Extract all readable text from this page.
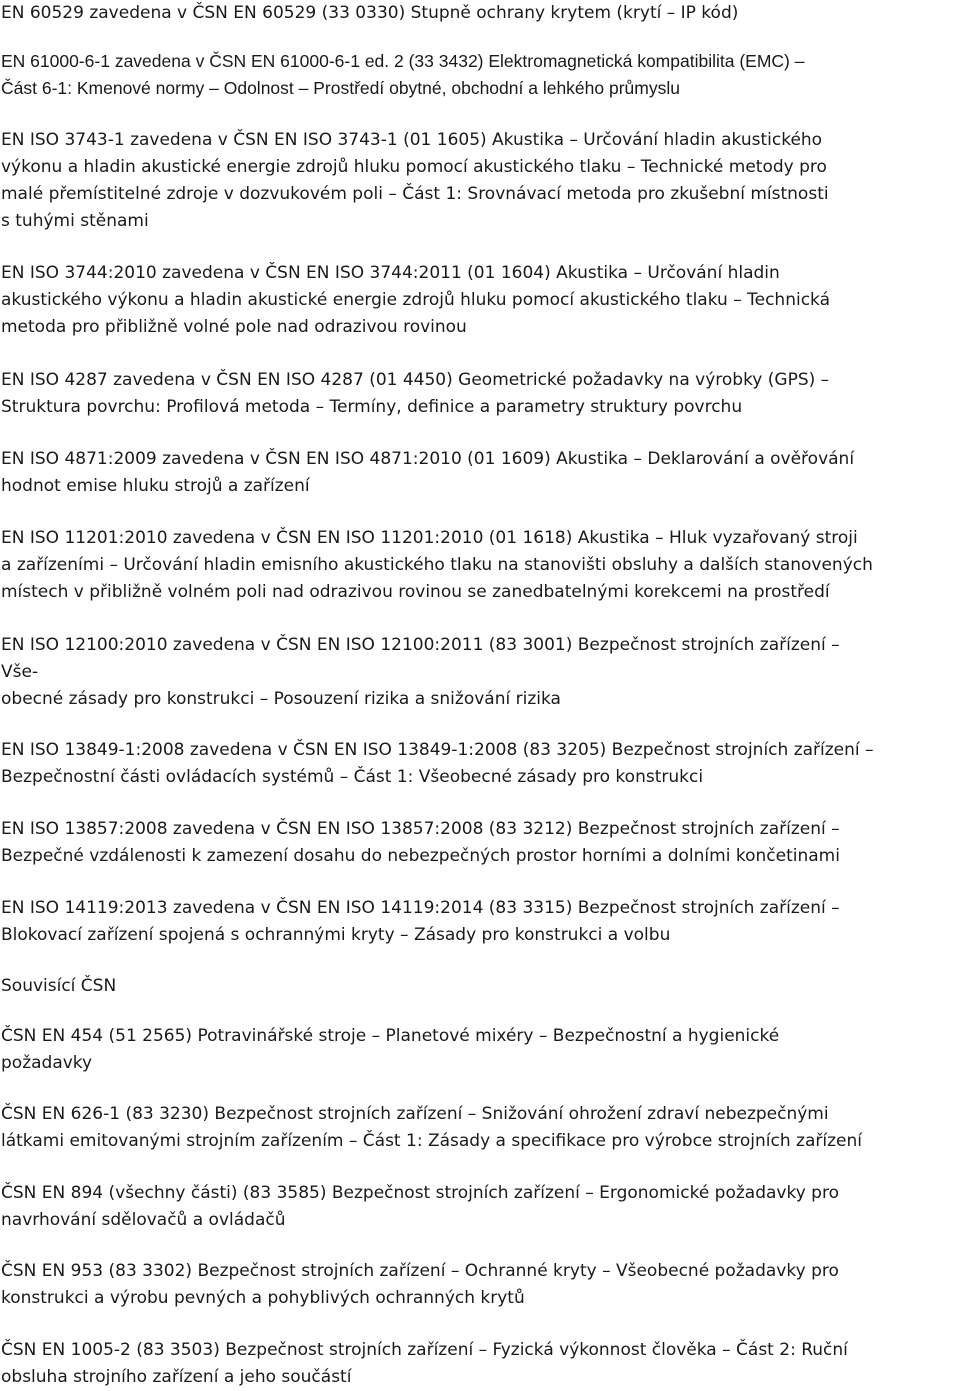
EN 60529 zavedena v ČSN EN 60529 (33 0330) Stupně ochrany krytem (krytí – IP kód)

EN 61000-6-1 zavedena v ČSN EN 61000-6-1 ed. 2 (33 3432) Elektromagnetická kompatibilita (EMC) –
Část 6-1: Kmenové normy – Odolnost – Prostředí obytné, obchodní a lehkého průmyslu

EN ISO 3743-1 zavedena v ČSN EN ISO 3743-1 (01 1605) Akustika – Určování hladin akustického
výkonu a hladin akustické energie zdrojů hluku pomocí akustického tlaku – Technické metody pro
malé přemístitelné zdroje v dozvukovém poli – Část 1: Srovnávací metoda pro zkušební místnosti
s tuhými stěnami

EN ISO 3744:2010 zavedena v ČSN EN ISO 3744:2011 (01 1604) Akustika – Určování hladin
akustického výkonu a hladin akustické energie zdrojů hluku pomocí akustického tlaku – Technická
metoda pro přibližně volné pole nad odrazivou rovinou

EN ISO 4287 zavedena v ČSN EN ISO 4287 (01 4450) Geometrické požadavky na výrobky (GPS) –
Struktura povrchu: Profilová metoda – Termíny, definice a parametry struktury povrchu

EN ISO 4871:2009 zavedena v ČSN EN ISO 4871:2010 (01 1609) Akustika – Deklarování a ověřování
hodnot emise hluku strojů a zařízení

EN ISO 11201:2010 zavedena v ČSN EN ISO 11201:2010 (01 1618) Akustika – Hluk vyzařovaný stroji
a zařízeními – Určování hladin emisního akustického tlaku na stanovišti obsluhy a dalších stanovených
místech v přibližně volném poli nad odrazivou rovinou se zanedbatelnými korekcemi na prostředí

EN ISO 12100:2010 zavedena v ČSN EN ISO 12100:2011 (83 3001) Bezpečnost strojních zařízení –
Vše-
obecné zásady pro konstrukci – Posouzení rizika a snižování rizika

EN ISO 13849-1:2008 zavedena v ČSN EN ISO 13849-1:2008 (83 3205) Bezpečnost strojních zařízení –
Bezpečnostní části ovládacích systémů – Část 1: Všeobecné zásady pro konstrukci

EN ISO 13857:2008 zavedena v ČSN EN ISO 13857:2008 (83 3212) Bezpečnost strojních zařízení –
Bezpečné vzdálenosti k zamezení dosahu do nebezpečných prostor horními a dolními končetinami

EN ISO 14119:2013 zavedena v ČSN EN ISO 14119:2014 (83 3315) Bezpečnost strojních zařízení –
Blokovací zařízení spojená s ochrannými kryty – Zásady pro konstrukci a volbu

Souvisící ČSN

ČSN EN 454 (51 2565) Potravinářské stroje – Planetové mixéry – Bezpečnostní a hygienické
požadavky

ČSN EN 626-1 (83 3230) Bezpečnost strojních zařízení – Snižování ohrožení zdraví nebezpečnými
látkami emitovanými strojním zařízením – Část 1: Zásady a specifikace pro výrobce strojních zařízení

ČSN EN 894 (všechny části) (83 3585) Bezpečnost strojních zařízení – Ergonomické požadavky pro
navrhování sdělovačů a ovládačů

ČSN EN 953 (83 3302) Bezpečnost strojních zařízení – Ochranné kryty – Všeobecné požadavky pro
konstrukci a výrobu pevných a pohyblivých ochranných krytů

ČSN EN 1005-2 (83 3503) Bezpečnost strojních zařízení – Fyzická výkonnost člověka – Část 2: Ruční
obsluha strojního zařízení a jeho součástí
